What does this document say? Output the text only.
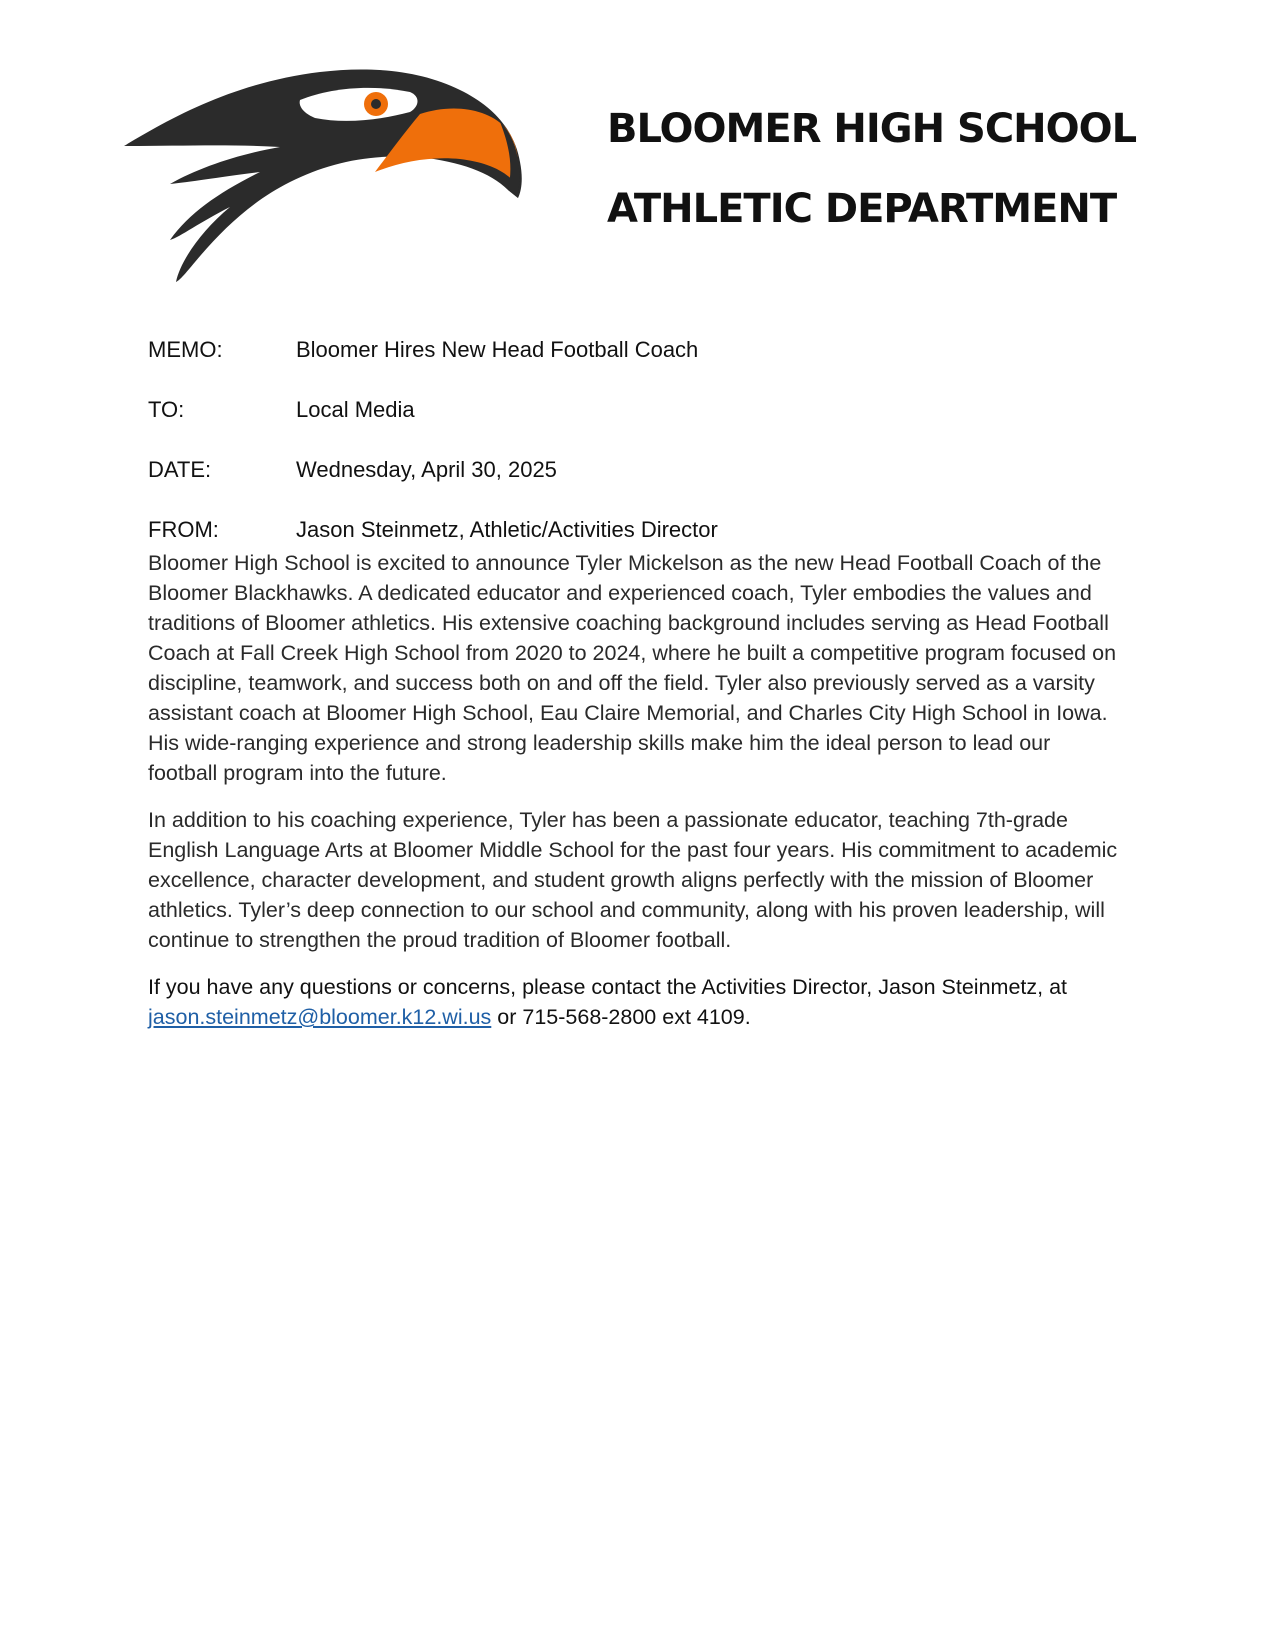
BLOOMER HIGH SCHOOL
ATHLETIC DEPARTMENT
MEMO:	Bloomer Hires New Head Football Coach
TO:	Local Media
DATE:	Wednesday, April 30, 2025
FROM:	Jason Steinmetz, Athletic/Activities Director

Bloomer High School is excited to announce Tyler Mickelson as the new Head Football Coach of the Bloomer Blackhawks. A dedicated educator and experienced coach, Tyler embodies the values and traditions of Bloomer athletics. His extensive coaching background includes serving as Head Football Coach at Fall Creek High School from 2020 to 2024, where he built a competitive program focused on discipline, teamwork, and success both on and off the field. Tyler also previously served as a varsity assistant coach at Bloomer High School, Eau Claire Memorial, and Charles City High School in Iowa. His wide-ranging experience and strong leadership skills make him the ideal person to lead our football program into the future.

In addition to his coaching experience, Tyler has been a passionate educator, teaching 7th-grade English Language Arts at Bloomer Middle School for the past four years. His commitment to academic excellence, character development, and student growth aligns perfectly with the mission of Bloomer athletics. Tyler’s deep connection to our school and community, along with his proven leadership, will continue to strengthen the proud tradition of Bloomer football.

If you have any questions or concerns, please contact the Activities Director, Jason Steinmetz, at jason.steinmetz@bloomer.k12.wi.us or 715-568-2800 ext 4109.
